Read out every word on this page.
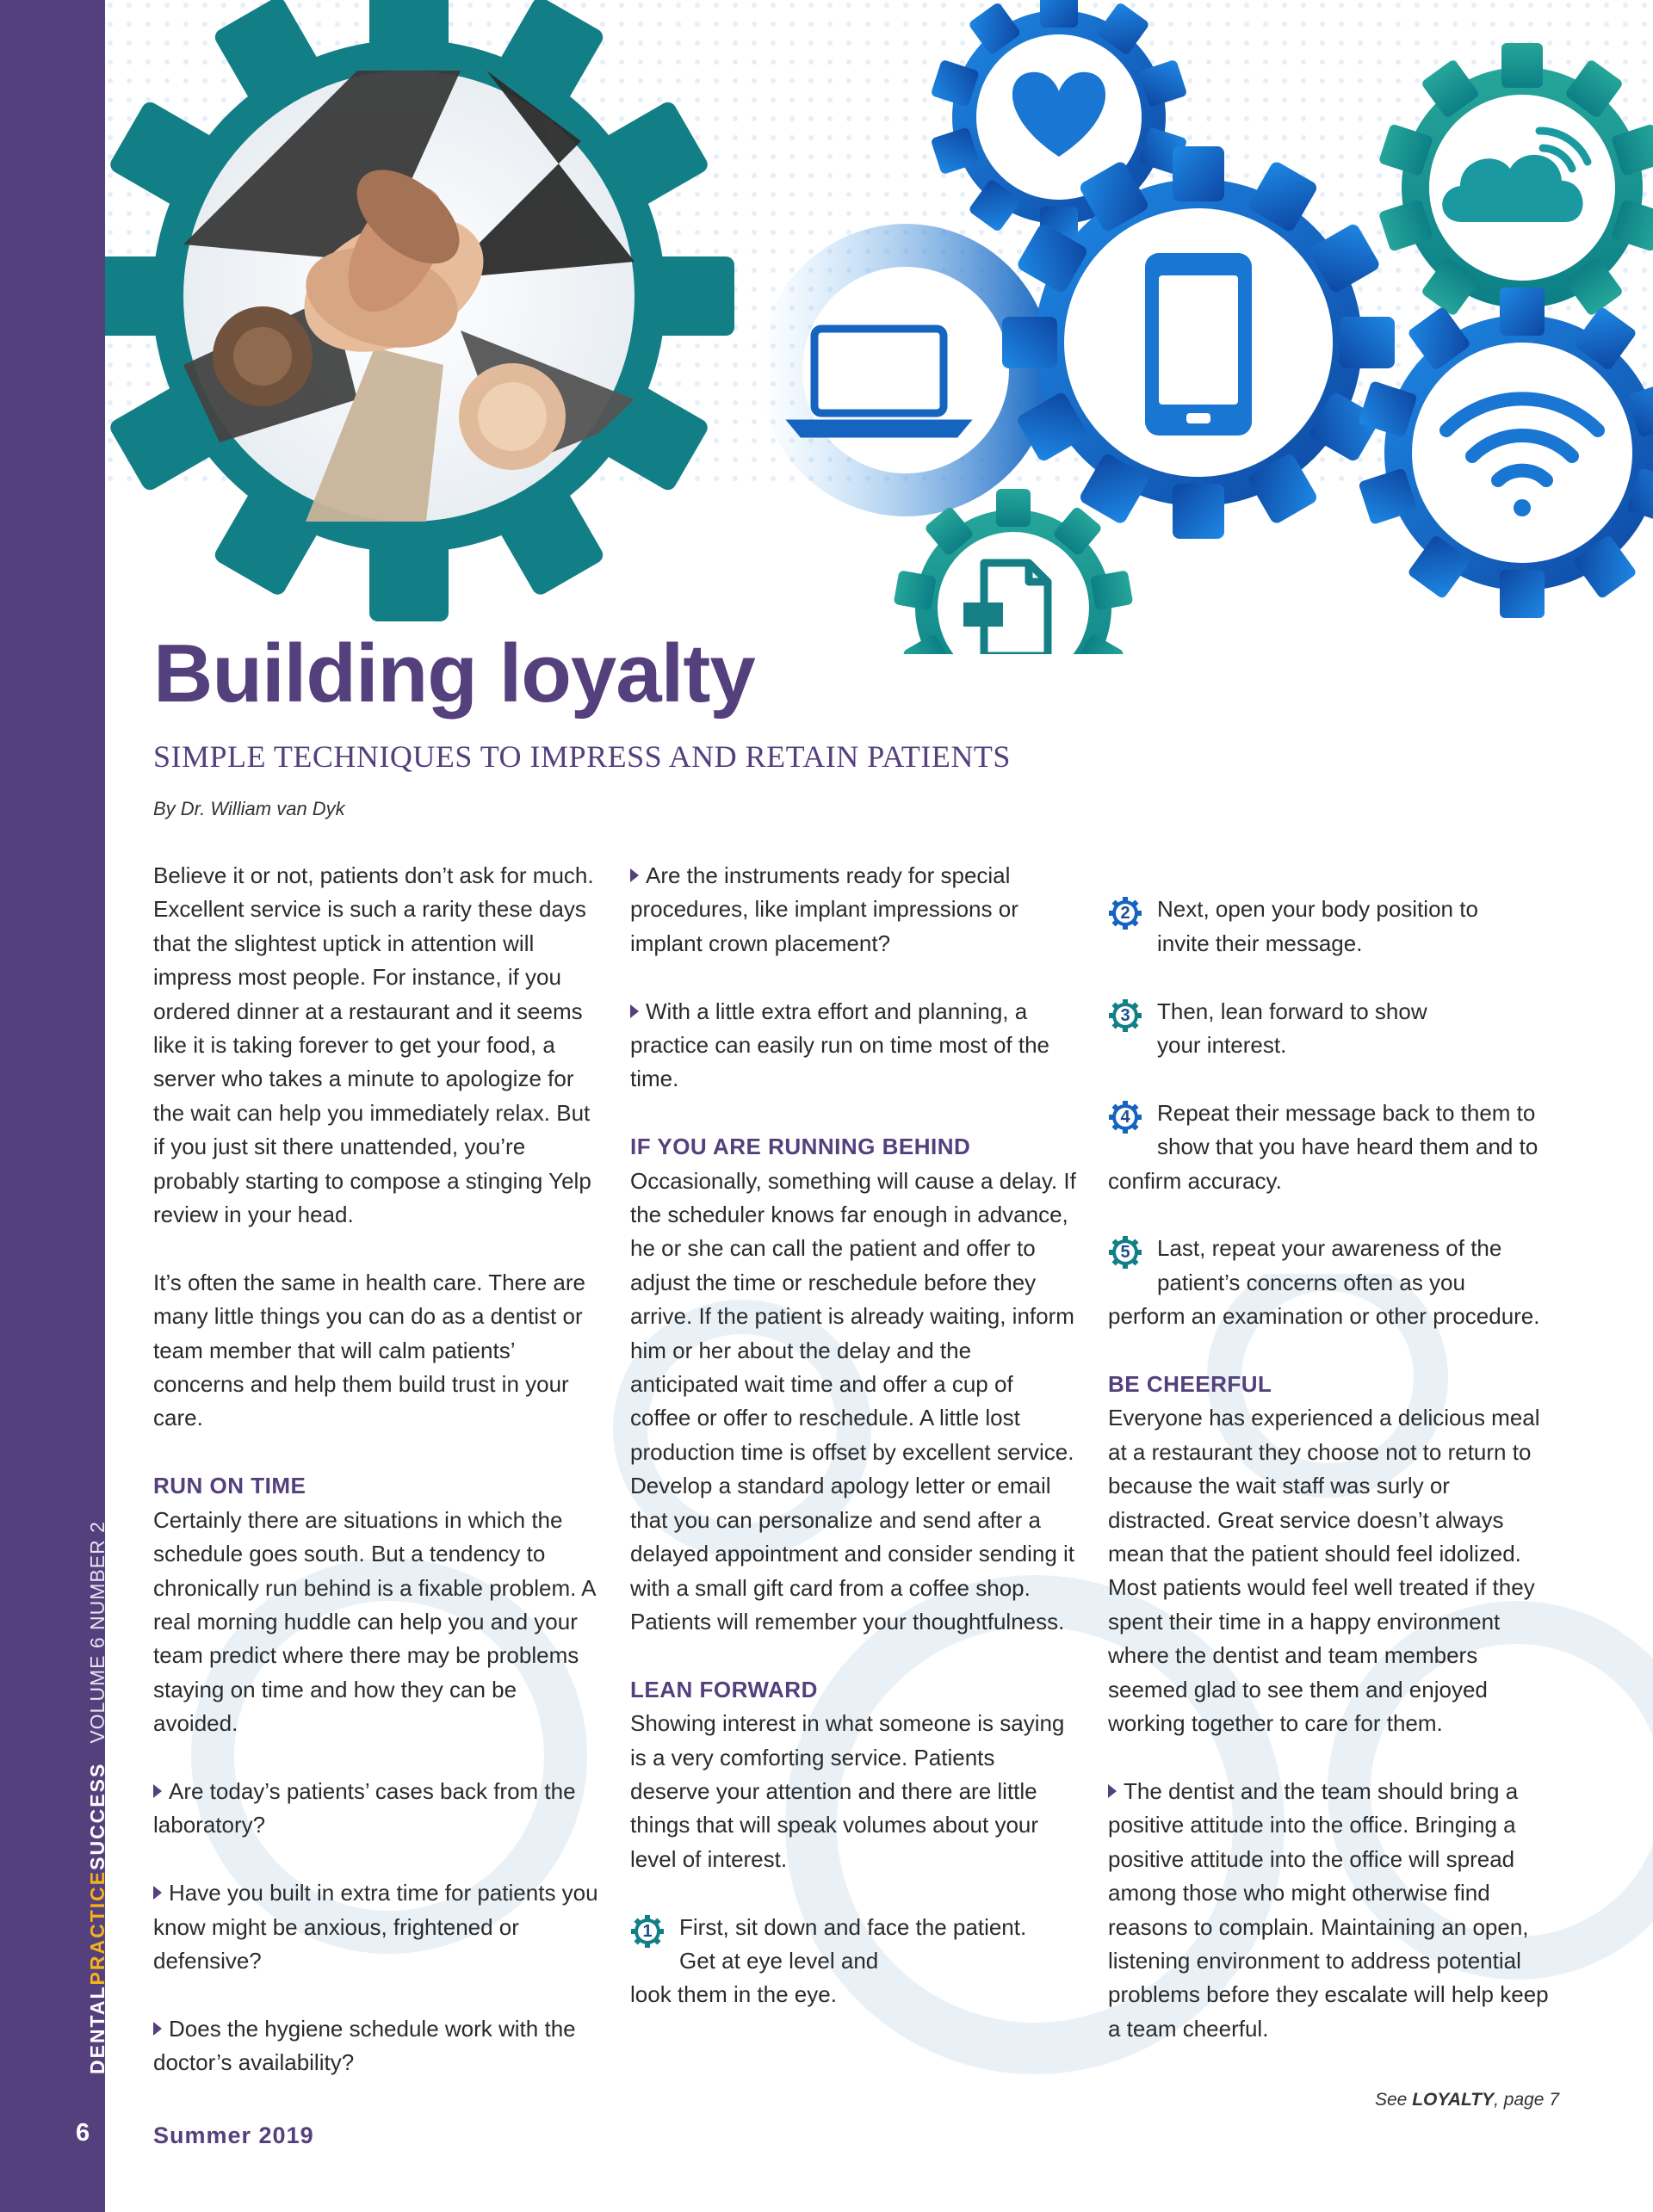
DENTALPRACTICESUCCESSVOLUME 6 NUMBER 2
6	Summer 2019
Building loyalty
SIMPLE TECHNIQUES TO IMPRESS AND RETAIN PATIENTS
By Dr. William van Dyk

Believe it or not, patients don’t ask for much. Excellent service is such a rarity these days that the slightest uptick in attention will impress most people. For instance, if you ordered dinner at a restaurant and it seems like it is taking forever to get your food, a server who takes a minute to apologize for the wait can help you immediately relax. But if you just sit there unattended, you’re probably starting to compose a stinging Yelp review in your head.

It’s often the same in health care. There are many little things you can do as a dentist or team member that will calm patients’ concerns and help them build trust in your care.

RUN ON TIME

Certainly there are situations in which the schedule goes south. But a tendency to chronically run behind is a fixable problem. A real morning huddle can help you and your team predict where there may be problems staying on time and how they can be avoided.

Are today’s patients’ cases back from the laboratory?

Have you built in extra time for patients you know might be anxious, frightened or defensive?

Does the hygiene schedule work with the doctor’s availability?

Are the instruments ready for special procedures, like implant impressions or implant crown placement?

With a little extra effort and planning, a practice can easily run on time most of the time.

IF YOU ARE RUNNING BEHIND

Occasionally, something will cause a delay. If the scheduler knows far enough in advance, he or she can call the patient and offer to adjust the time or reschedule before they arrive. If the patient is already waiting, inform him or her about the delay and the anticipated wait time and offer a cup of coffee or offer to reschedule. A little lost production time is offset by excellent service. Develop a standard apology letter or email that you can personalize and send after a delayed appointment and consider sending it with a small gift card from a coffee shop. Patients will remember your thoughtfulness.

LEAN FORWARD

Showing interest in what someone is saying is a very comforting service. Patients deserve your attention and there are little things that will speak volumes about your level of interest.

1	First, sit down and face the patient.
Get at eye level and
look them in the eye.
2	Next, open your body position to
invite their message.
3	Then, lean forward to show
your interest.
4	Repeat their message back to them to
show that you have heard them and to
confirm accuracy.
5	Last, repeat your awareness of the
patient’s concerns often as you
perform an examination or other procedure.
BE CHEERFUL

Everyone has experienced a delicious meal at a restaurant they choose not to return to because the wait staff was surly or distracted. Great service doesn’t always mean that the patient should feel idolized. Most patients would feel well treated if they spent their time in a happy environment where the dentist and team members seemed glad to see them and enjoyed working together to care for them.

The dentist and the team should bring a positive attitude into the office. Bringing a positive attitude into the office will spread among those who might otherwise find reasons to complain. Maintaining an open, listening environment to address potential problems before they escalate will help keep a team cheerful.

See LOYALTY, page 7
